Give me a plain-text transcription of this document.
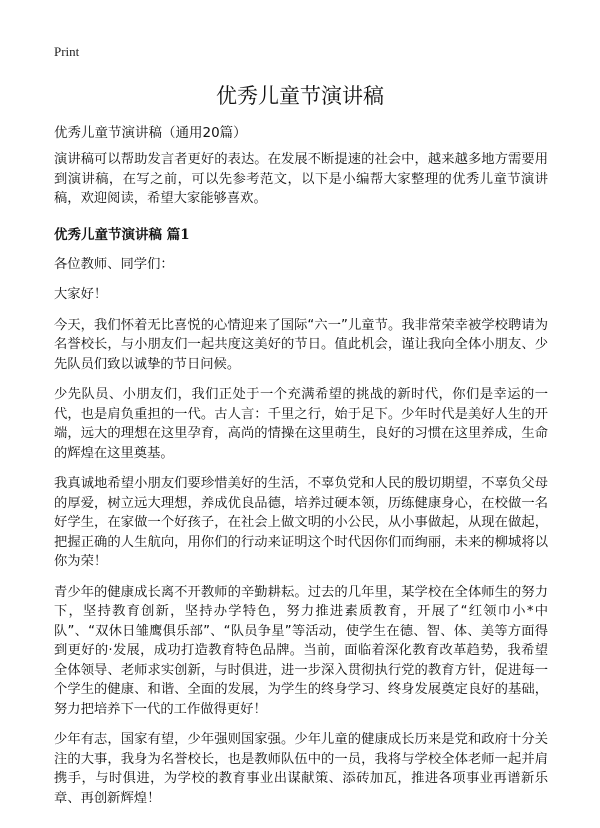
Print
优秀儿童节演讲稿

优秀儿童节演讲稿（通用20篇）

演讲稿可以帮助发言者更好的表达。在发展不断提速的社会中，越来越多地方需要用到演讲稿，在写之前，可以先参考范文，以下是小编帮大家整理的优秀儿童节演讲稿，欢迎阅读，希望大家能够喜欢。

优秀儿童节演讲稿 篇1

各位教师、同学们：

大家好！

今天，我们怀着无比喜悦的心情迎来了国际“六一”儿童节。我非常荣幸被学校聘请为名誉校长，与小朋友们一起共度这美好的节日。值此机会，谨让我向全体小朋友、少先队员们致以诚挚的节日问候。

少先队员、小朋友们，我们正处于一个充满希望的挑战的新时代，你们是幸运的一代，也是肩负重担的一代。古人言：千里之行，始于足下。少年时代是美好人生的开端，远大的理想在这里孕育，高尚的情操在这里萌生，良好的习惯在这里养成，生命的辉煌在这里奠基。

我真诚地希望小朋友们要珍惜美好的生活，不辜负党和人民的殷切期望，不辜负父母的厚爱，树立远大理想，养成优良品德，培养过硬本领，历练健康身心，在校做一名好学生，在家做一个好孩子，在社会上做文明的小公民，从小事做起，从现在做起，把握正确的人生航向，用你们的行动来证明这个时代因你们而绚丽，未来的柳城将以你为荣！

青少年的健康成长离不开教师的辛勤耕耘。过去的几年里，某学校在全体师生的努力下，坚持教育创新，坚持办学特色，努力推进素质教育，开展了“红领巾小*中队”、“双休日雏鹰俱乐部”、“队员争星”等活动，使学生在德、智、体、美等方面得到更好的·发展，成功打造教育特色品牌。当前，面临着深化教育改革趋势，我希望全体领导、老师求实创新，与时俱进，进一步深入贯彻执行党的教育方针，促进每一个学生的健康、和谐、全面的发展，为学生的终身学习、终身发展奠定良好的基础，努力把培养下一代的工作做得更好！

少年有志，国家有望，少年强则国家强。少年儿童的健康成长历来是党和政府十分关注的大事，我身为名誉校长，也是教师队伍中的一员，我将与学校全体老师一起并肩携手，与时俱进，为学校的教育事业出谋献策、添砖加瓦，推进各项事业再谱新乐章、再创新辉煌！
